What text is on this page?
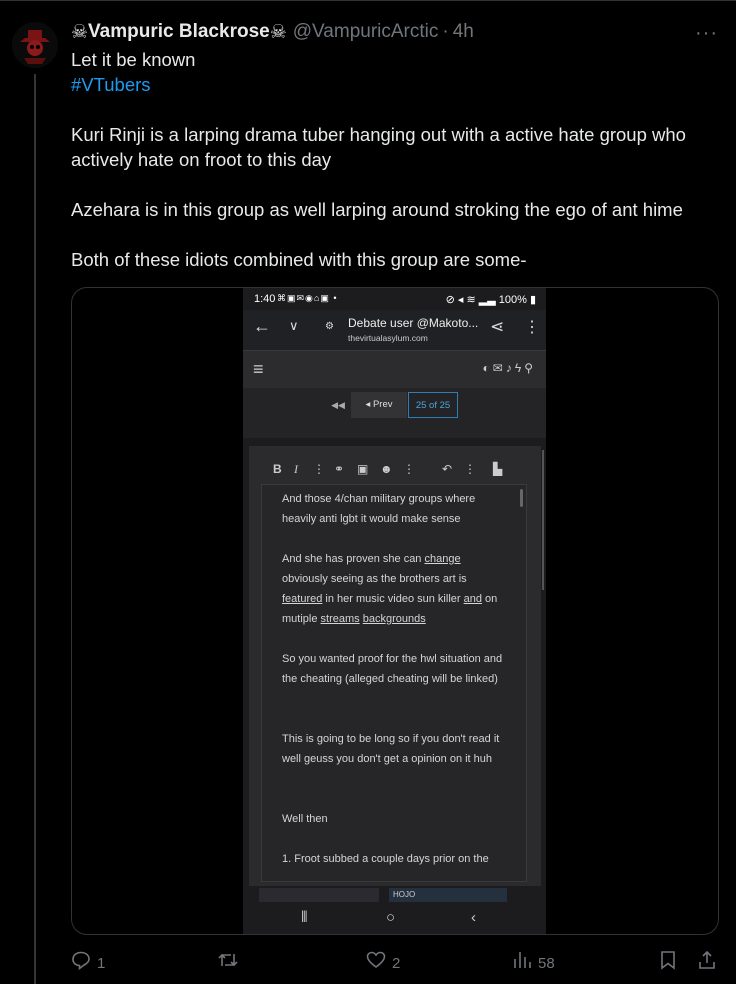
☠ Vampuric Blackrose ☠ @VampuricArctic · 4h	···

Let it be known

#VTubers

Kuri Rinji is a larping drama tuber hanging out with a active hate group who actively hate on froot to this day

Azehara is in this group as well larping around stroking the ego of ant hime

Both of these idiots combined with this group are some-

1:40 ⌘▣✉◉⌂▣ •	⊘ ◂ ≋ ▂▃ 100% ▮
← ∨	⚙ Debate user @Makoto...
thevirtualasylum.com
⋖ ⋮
≡	◐✉♪ϟ⚲
◀◀	◂ Prev	25 of 25
B I ⋮ ⚭ ▣ ☻ ⋮ ↶ ⋮ ▙

And those 4/chan military groups where

heavily anti lgbt it would make sense

And she has proven she can change

obviously seeing as the brothers art is

featured in her music video sun killer and on

mutiple streams backgrounds

So you wanted proof for the hwl situation and

the cheating (alleged cheating will be linked)

This is going to be long so if you don't read it

well geuss you don't get a opinion on it huh

Well then

1. Froot subbed a couple days prior on the

HOJO
⦀	○	‹
1	2	58
